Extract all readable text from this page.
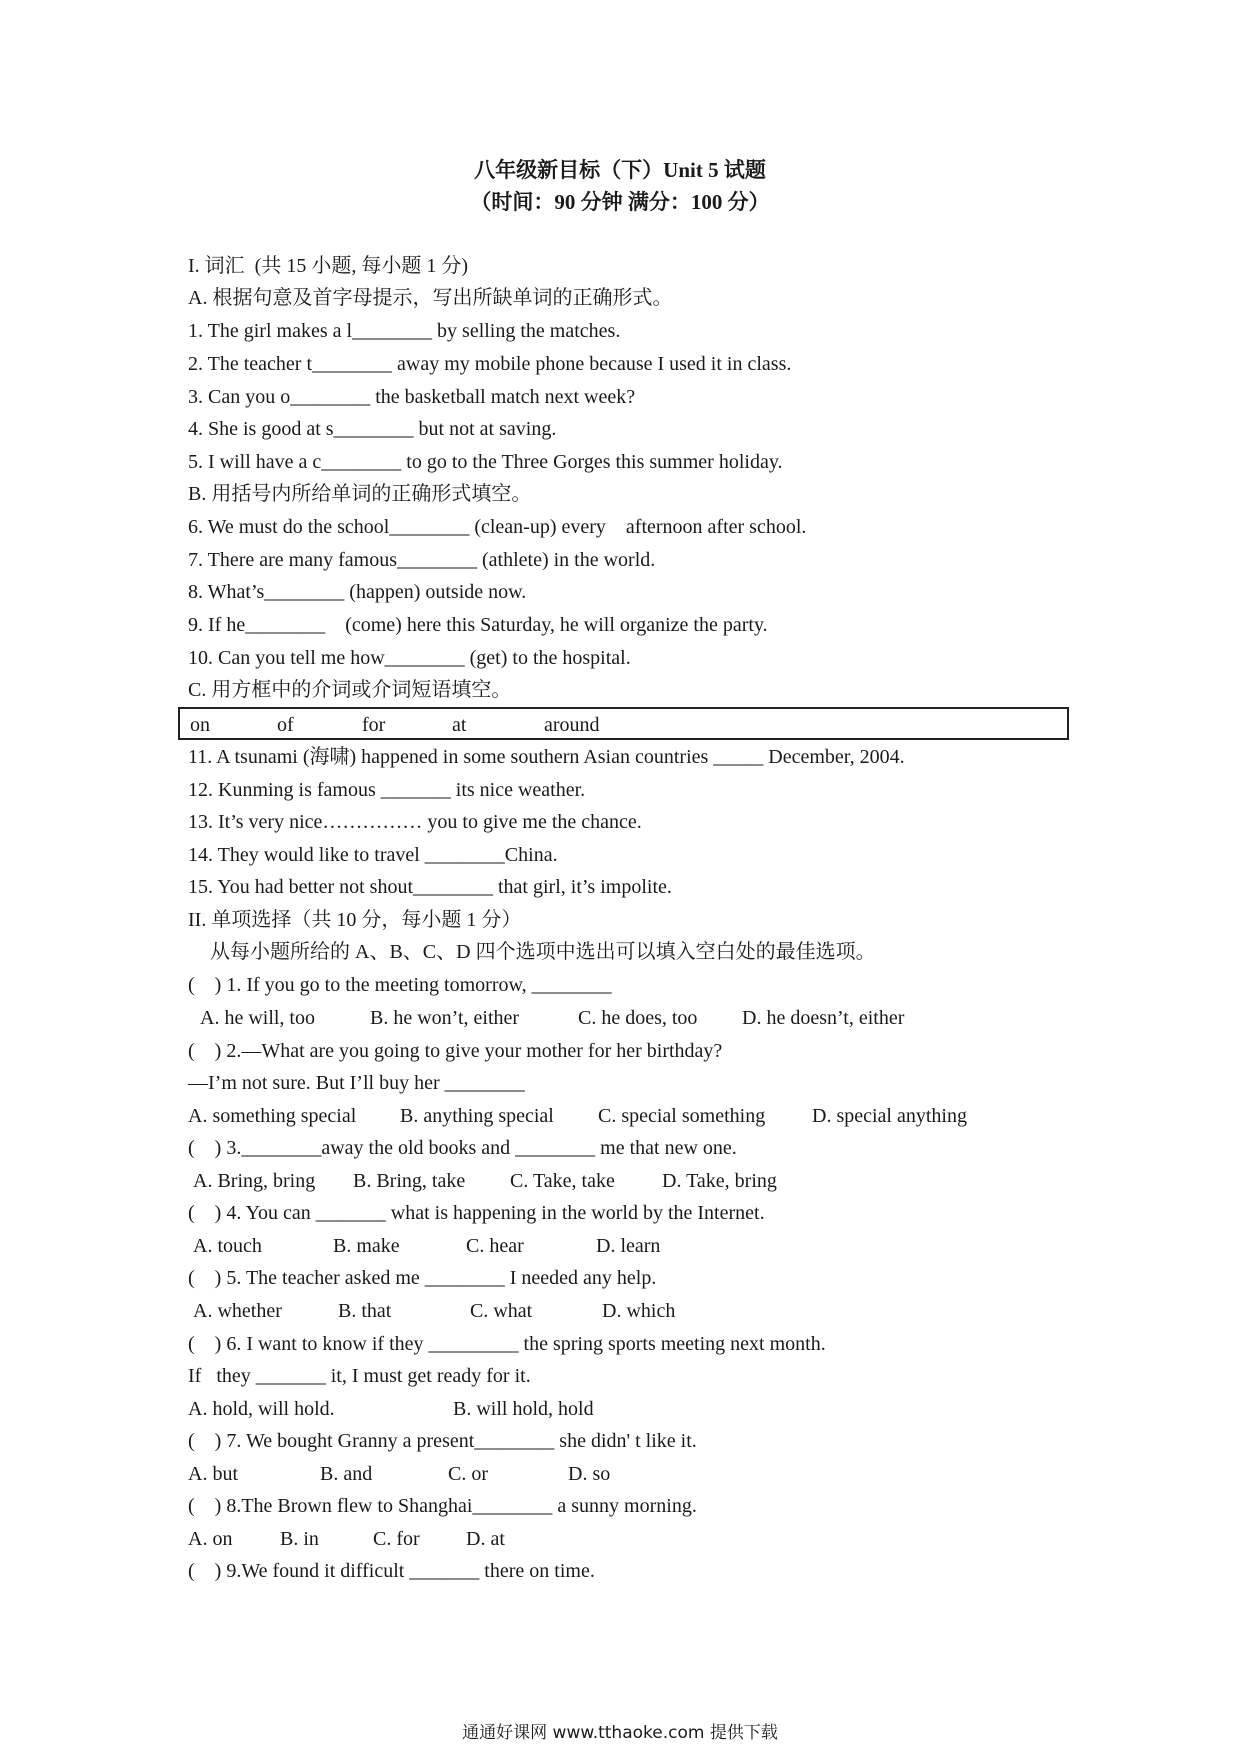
八年级新目标（下）Unit 5 试题
（时间：90 分钟 满分：100 分）
I. 词汇  (共 15 小题, 每小题 1 分)
A. 根据句意及首字母提示，写出所缺单词的正确形式。
1. The girl makes a l________ by selling the matches.
2. The teacher t________ away my mobile phone because I used it in class.
3. Can you o________ the basketball match next week?
4. She is good at s________ but not at saving.
5. I will have a c________ to go to the Three Gorges this summer holiday.
B. 用括号内所给单词的正确形式填空。
6. We must do the school________ (clean-up) every    afternoon after school.
7. There are many famous________ (athlete) in the world.
8. What’s________ (happen) outside now.
9. If he________    (come) here this Saturday, he will organize the party.
10. Can you tell me how________ (get) to the hospital.
C. 用方框中的介词或介词短语填空。
on	of	for	at	around
11. A tsunami (海啸) happened in some southern Asian countries _____ December, 2004.
12. Kunming is famous _______ its nice weather.
13. It’s very nice…………… you to give me the chance.
14. They would like to travel ________China.
15. You had better not shout________ that girl, it’s impolite.
II. 单项选择（共 10 分，每小题 1 分）
从每小题所给的 A、B、C、D 四个选项中选出可以填入空白处的最佳选项。
(    ) 1. If you go to the meeting tomorrow, ________
A. he will, too	B. he won’t, either	C. he does, too D. he doesn’t, either
(    ) 2.—What are you going to give your mother for her birthday?
—I’m not sure. But I’ll buy her ________
A. something special B. anything special C. special something D. special anything
(    ) 3.________away the old books and ________ me that new one.
A. Bring, bring B. Bring, take C. Take, take D. Take, bring
(    ) 4. You can _______ what is happening in the world by the Internet.
A. touch	B. make	C. hear	D. learn
(    ) 5. The teacher asked me ________ I needed any help.
A. whether	B. that	C. what	D. which
(    ) 6. I want to know if they _________ the spring sports meeting next month.
If   they _______ it, I must get ready for it.
A. hold, will hold.	B. will hold, hold
(    ) 7. We bought Granny a present________ she didn' t like it.
A. but	B. and	C. or	D. so
(    ) 8.The Brown flew to Shanghai________ a sunny morning.
A. on B. in	C. for D. at
(    ) 9.We found it difficult _______ there on time.
通通好课网 www.tthaoke.com 提供下载
